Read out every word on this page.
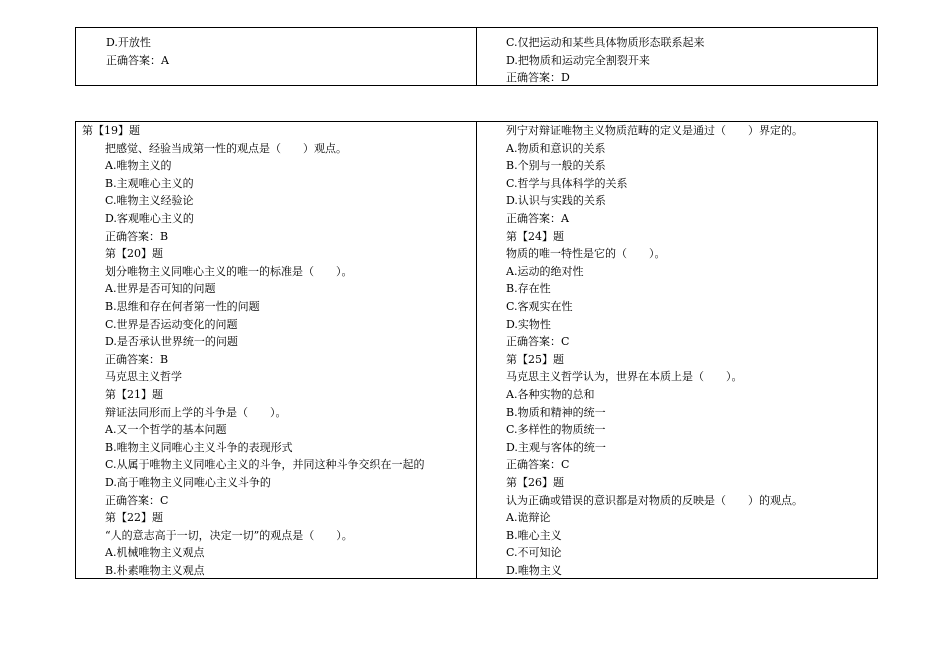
D.开放性
正确答案：A
C.仅把运动和某些具体物质形态联系起来
D.把物质和运动完全割裂开来
正确答案：D
第【19】题
把感觉、经验当成第一性的观点是（　　）观点。
A.唯物主义的
B.主观唯心主义的
C.唯物主义经验论
D.客观唯心主义的
正确答案：B
第【20】题
划分唯物主义同唯心主义的唯一的标准是（　　）。
A.世界是否可知的问题
B.思维和存在何者第一性的问题
C.世界是否运动变化的问题
D.是否承认世界统一的问题
正确答案：B
马克思主义哲学
第【21】题
辩证法同形而上学的斗争是（　　）。
A.又一个哲学的基本问题
B.唯物主义同唯心主义斗争的表现形式
C.从属于唯物主义同唯心主义的斗争，并同这种斗争交织在一起的
D.高于唯物主义同唯心主义斗争的
正确答案：C
第【22】题
“人的意志高于一切，决定一切”的观点是（　　）。
A.机械唯物主义观点
B.朴素唯物主义观点
列宁对辩证唯物主义物质范畴的定义是通过（　　）界定的。
A.物质和意识的关系
B.个别与一般的关系
C.哲学与具体科学的关系
D.认识与实践的关系
正确答案：A
第【24】题
物质的唯一特性是它的（　　）。
A.运动的绝对性
B.存在性
C.客观实在性
D.实物性
正确答案：C
第【25】题
马克思主义哲学认为，世界在本质上是（　　）。
A.各种实物的总和
B.物质和精神的统一
C.多样性的物质统一
D.主观与客体的统一
正确答案：C
第【26】题
认为正确或错误的意识都是对物质的反映是（　　）的观点。
A.诡辩论
B.唯心主义
C.不可知论
D.唯物主义
